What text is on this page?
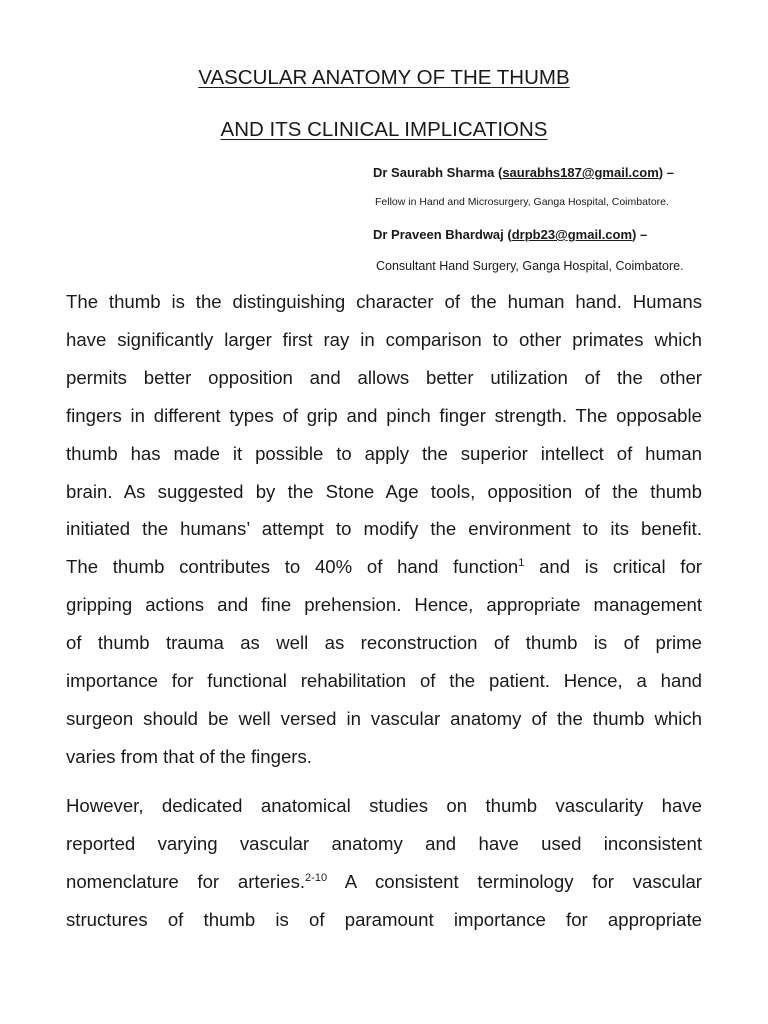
VASCULAR ANATOMY OF THE THUMB
AND ITS CLINICAL IMPLICATIONS
Dr Saurabh Sharma (saurabhs187@gmail.com) –
Fellow in Hand and Microsurgery, Ganga Hospital, Coimbatore.
Dr Praveen Bhardwaj (drpb23@gmail.com) –
Consultant Hand Surgery, Ganga Hospital, Coimbatore.
The thumb is the distinguishing character of the human hand. Humans
have significantly larger first ray in comparison to other primates which
permits better opposition and allows better utilization of the other
fingers in different types of grip and pinch finger strength. The opposable
thumb has made it possible to apply the superior intellect of human
brain. As suggested by the Stone Age tools, opposition of the thumb
initiated the humans’ attempt to modify the environment to its benefit.
The thumb contributes to 40% of hand function$^1$ and is critical for
gripping actions and fine prehension. Hence, appropriate management
of thumb trauma as well as reconstruction of thumb is of prime
importance for functional rehabilitation of the patient. Hence, a hand
surgeon should be well versed in vascular anatomy of the thumb which
varies from that of the fingers.
However, dedicated anatomical studies on thumb vascularity have
reported varying vascular anatomy and have used inconsistent
nomenclature for arteries.$^{2-10}$ A consistent terminology for vascular
structures of thumb is of paramount importance for appropriate
